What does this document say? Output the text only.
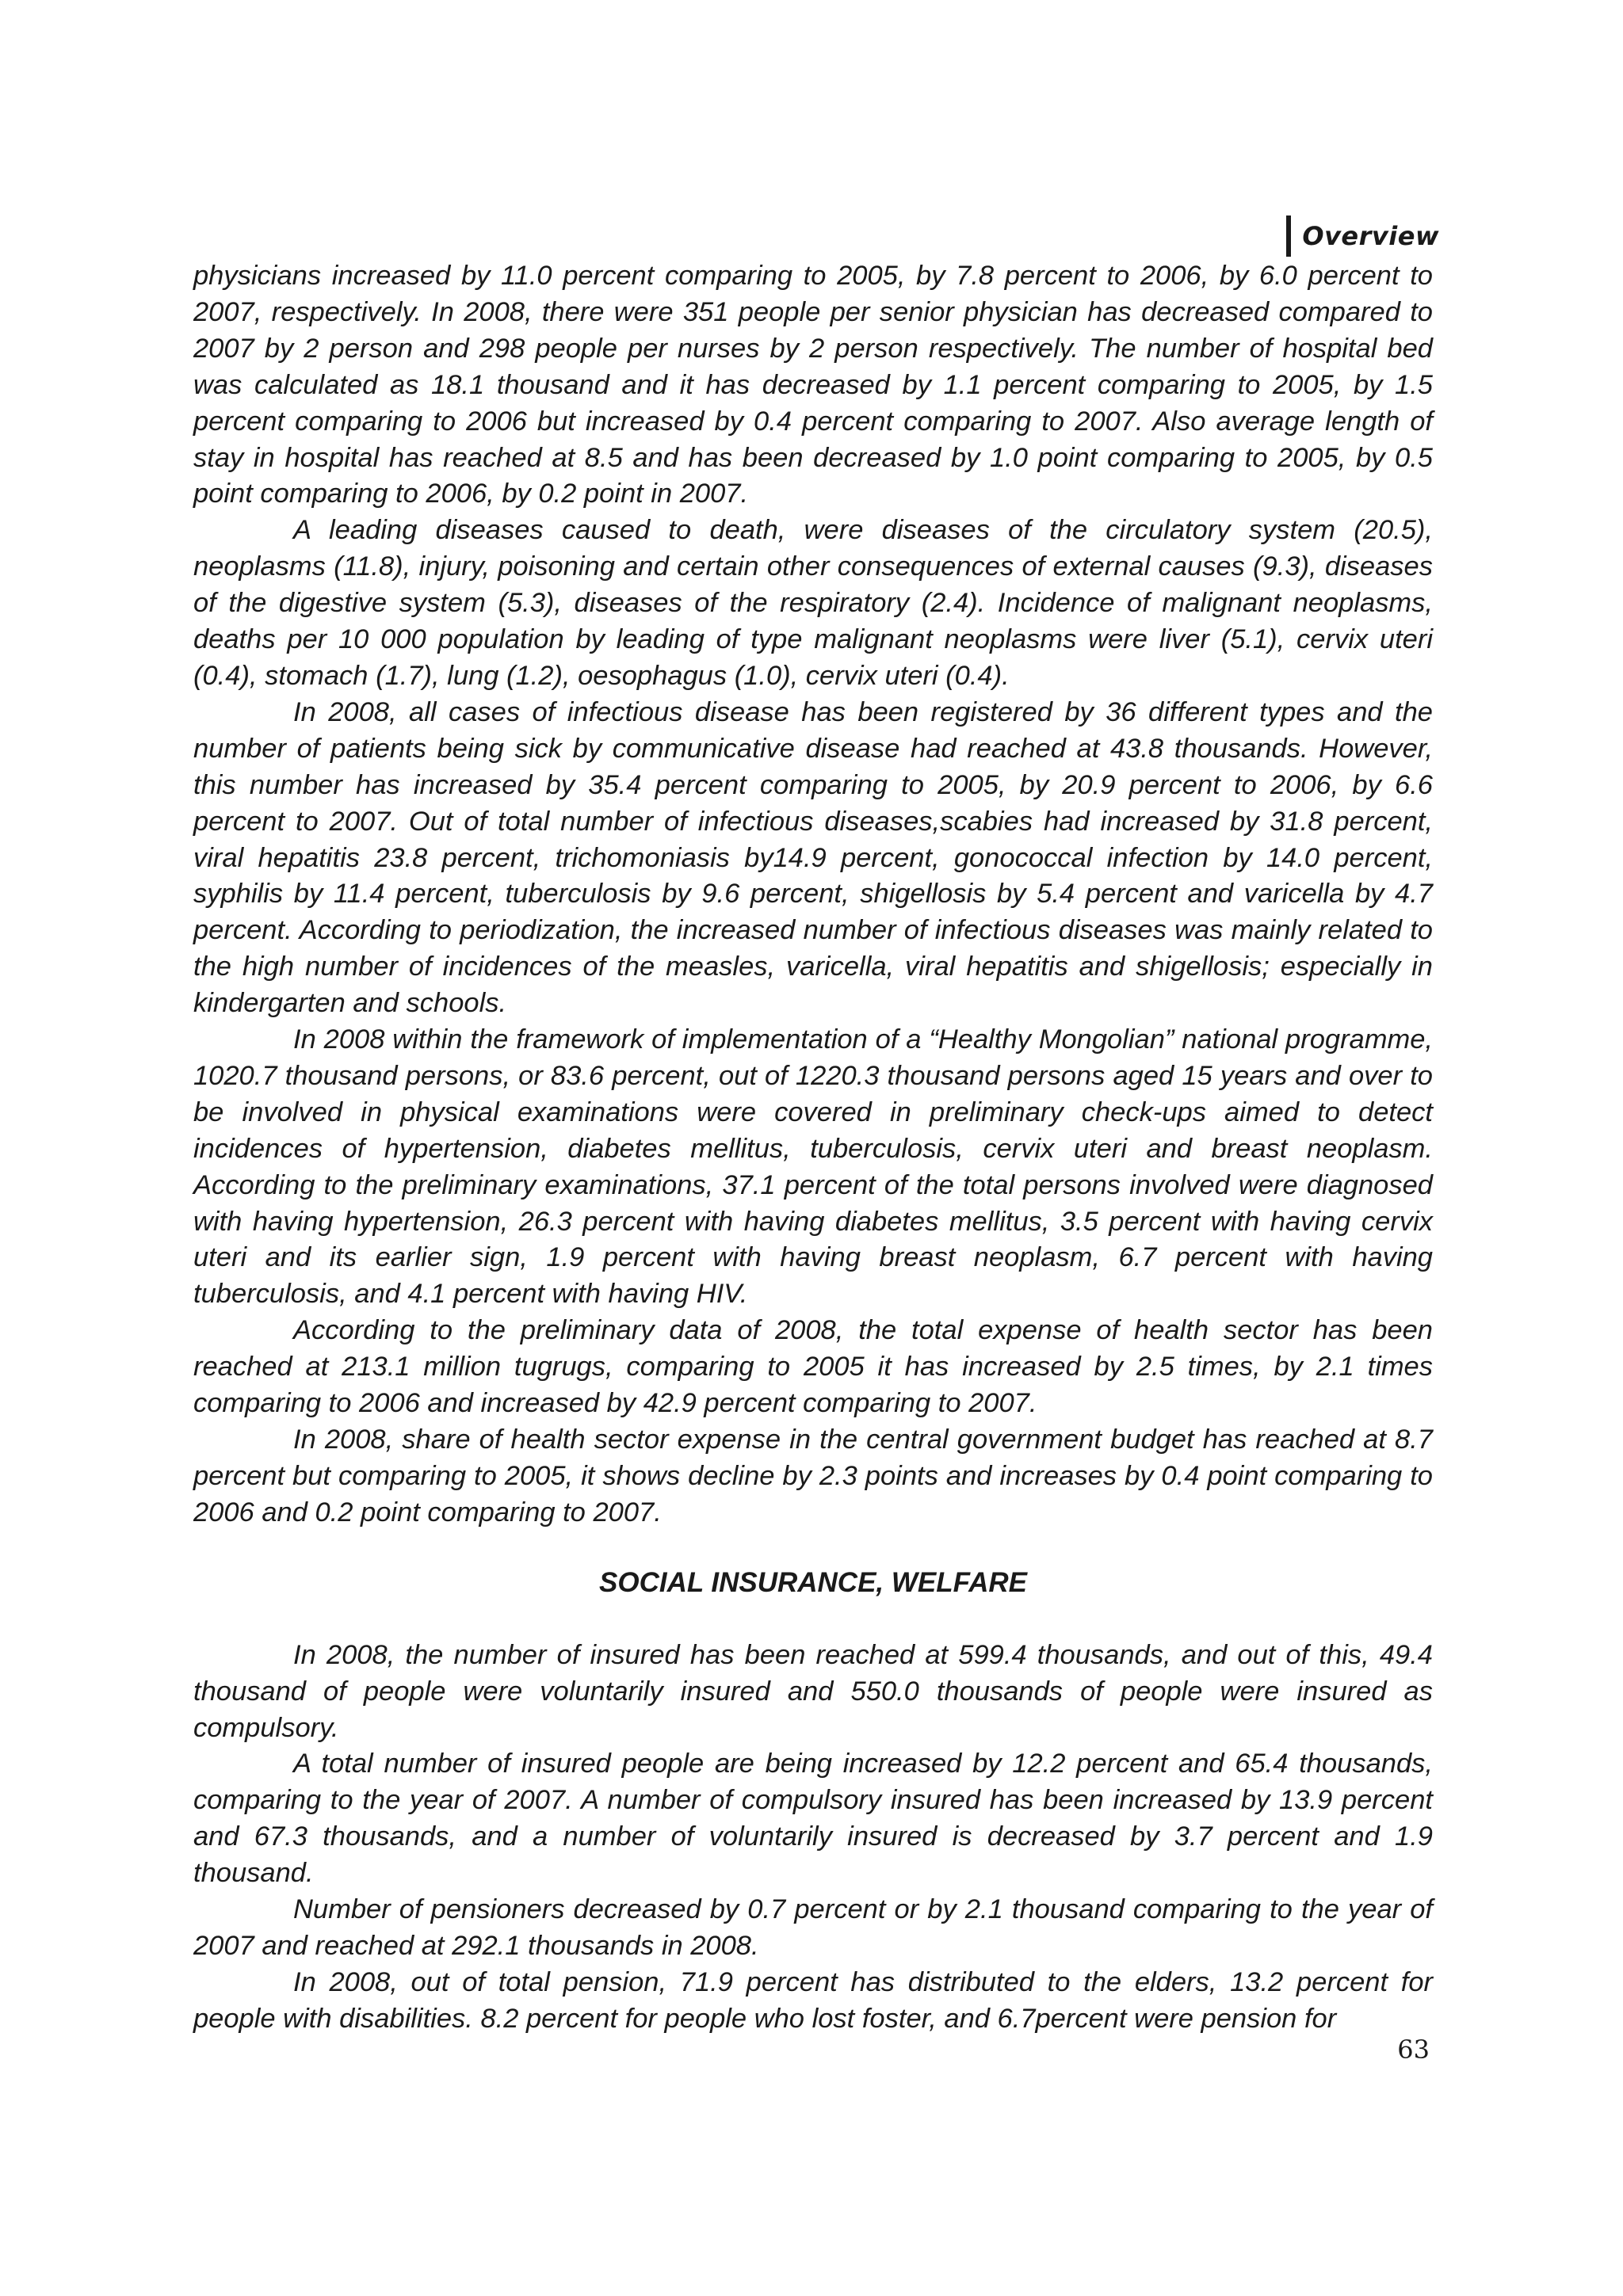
Overview

physicians increased by 11.0 percent comparing to 2005, by 7.8 percent to 2006, by 6.0 percent to 2007, respectively. In 2008, there were 351 people per senior physician has decreased compared to 2007 by 2 person and 298 people per nurses by 2 person respectively. The number of hospital bed was calculated as 18.1 thousand and it has decreased by 1.1 percent comparing to 2005, by 1.5 percent comparing to 2006 but increased by 0.4 percent comparing to 2007. Also average length of stay in hospital has reached at 8.5 and has been decreased by 1.0 point comparing to 2005, by 0.5 point comparing to 2006, by 0.2 point in 2007.

A leading diseases caused to death, were diseases of the circulatory system (20.5), neoplasms (11.8), injury, poisoning and certain other consequences of external causes (9.3), diseases of the digestive system (5.3), diseases of the respiratory (2.4). Incidence of malignant neoplasms, deaths per 10 000 population by leading of type malignant neoplasms were liver (5.1), cervix uteri (0.4), stomach (1.7), lung (1.2), oesophagus (1.0), cervix uteri (0.4).

In 2008, all cases of infectious disease has been registered by 36 different types and the number of patients being sick by communicative disease had reached at 43.8 thousands. However, this number has increased by 35.4 percent comparing to 2005, by 20.9 percent to 2006, by 6.6 percent to 2007. Out of total number of infectious diseases,scabies had increased by 31.8 percent, viral hepatitis 23.8 percent, trichomoniasis by14.9 percent, gonococcal infection by 14.0 percent, syphilis by 11.4 percent, tuberculosis by 9.6 percent, shigellosis by 5.4 percent and varicella by 4.7 percent. According to periodization, the increased number of infectious diseases was mainly related to the high number of incidences of the measles, varicella, viral hepatitis and shigellosis; especially in kindergarten and schools.

In 2008 within the framework of implementation of a “Healthy Mongolian” national programme, 1020.7 thousand persons, or 83.6 percent, out of 1220.3 thousand persons aged 15 years and over to be involved in physical examinations were covered in preliminary check-ups aimed to detect incidences of hypertension, diabetes mellitus, tuberculosis, cervix uteri and breast neoplasm. According to the preliminary examinations, 37.1 percent of the total persons involved were diagnosed with having hypertension, 26.3 percent with having diabetes mellitus, 3.5 percent with having cervix uteri and its earlier sign, 1.9 percent with having breast neoplasm, 6.7 percent with having tuberculosis, and 4.1 percent with having HIV.

According to the preliminary data of 2008, the total expense of health sector has been reached at 213.1 million tugrugs, comparing to 2005 it has increased by 2.5 times, by 2.1 times comparing to 2006 and increased by 42.9 percent comparing to 2007.

In 2008, share of health sector expense in the central government budget has reached at 8.7 percent but comparing to 2005, it shows decline by 2.3 points and increases by 0.4 point comparing to 2006 and 0.2 point comparing to 2007.

SOCIAL INSURANCE, WELFARE

In 2008, the number of insured has been reached at 599.4 thousands, and out of this, 49.4 thousand of people were voluntarily insured and 550.0 thousands of people were insured as compulsory.

A total number of insured people are being increased by 12.2 percent and 65.4 thousands, comparing to the year of 2007. A number of compulsory insured has been increased by 13.9 percent and 67.3 thousands, and a number of voluntarily insured is decreased by 3.7 percent and 1.9 thousand.

Number of pensioners decreased by 0.7 percent or by 2.1 thousand comparing to the year of 2007 and reached at 292.1 thousands in 2008.

In 2008, out of total pension, 71.9 percent has distributed to the elders, 13.2 percent for people with disabilities. 8.2 percent for people who lost foster, and 6.7percent were pension for

63
